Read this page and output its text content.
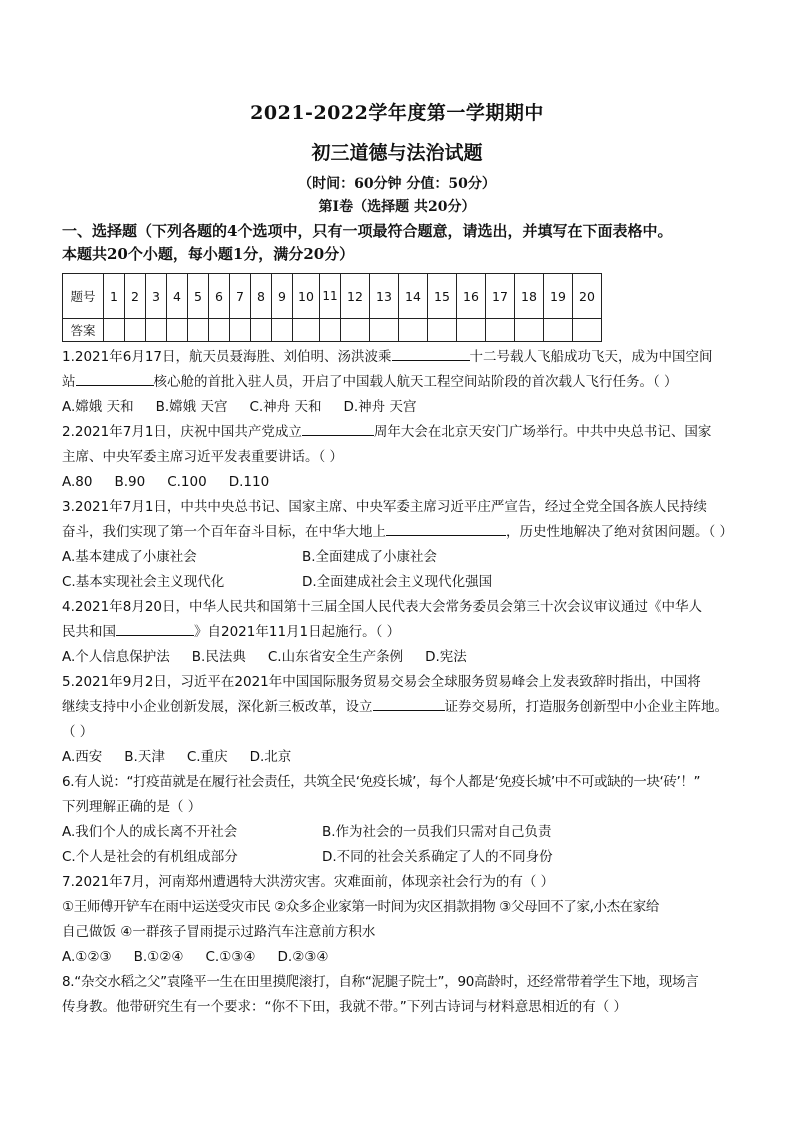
2021-2022学年度第一学期期中
初三道德与法治试题
（时间：60分钟 分值：50分）
第Ⅰ卷（选择题 共20分）
一、选择题（下列各题的4个选项中，只有一项最符合题意，请选出，并填写在下面表格中。
本题共20个小题，每小题1分，满分20分）
题号	1	2	3	4	5	6	7	8	9	10	11	12	13	14	15	16	17	18	19	20
答案																				

1.2021年6月17日，航天员聂海胜、刘伯明、汤洪波乘	十二号载人飞船成功飞天，成为中国空间

站	核心舱的首批入驻人员，开启了中国载人航天工程空间站阶段的首次载人飞行任务。（ ）

A.嫦娥 天和 B.嫦娥 天宫 C.神舟 天和 D.神舟 天宫

2.2021年7月1日，庆祝中国共产党成立	周年大会在北京天安门广场举行。中共中央总书记、国家

主席、中央军委主席习近平发表重要讲话。（ ）

A.80 B.90 C.100 D.110

3.2021年7月1日，中共中央总书记、国家主席、中央军委主席习近平庄严宣告，经过全党全国各族人民持续

奋斗，我们实现了第一个百年奋斗目标，在中华大地上	，历史性地解决了绝对贫困问题。（ ）

A.基本建成了小康社会	B.全面建成了小康社会

C.基本实现社会主义现代化	D.全面建成社会主义现代化强国

4.2021年8月20日，中华人民共和国第十三届全国人民代表大会常务委员会第三十次会议审议通过《中华人

民共和国	》自2021年11月1日起施行。（ ）

A.个人信息保护法 B.民法典 C.山东省安全生产条例 D.宪法

5.2021年9月2日，习近平在2021年中国国际服务贸易交易会全球服务贸易峰会上发表致辞时指出，中国将

继续支持中小企业创新发展，深化新三板改革，设立	证券交易所，打造服务创新型中小企业主阵地。

（ ）

A.西安 B.天津 C.重庆 D.北京

6.有人说：“打疫苗就是在履行社会责任，共筑全民‘免疫长城’，每个人都是‘免疫长城’中不可或缺的一块‘砖’！”

下列理解正确的是（ ）

A.我们个人的成长离不开社会	B.作为社会的一员我们只需对自己负责

C.个人是社会的有机组成部分	D.不同的社会关系确定了人的不同身份

7.2021年7月，河南郑州遭遇特大洪涝灾害。灾难面前，体现亲社会行为的有（ ）

①王师傅开铲车在雨中运送受灾市民 ②众多企业家第一时间为灾区捐款捐物 ③父母回不了家,小杰在家给

自己做饭 ④一群孩子冒雨提示过路汽车注意前方积水

A.①②③ B.①②④ C.①③④ D.②③④

8.“杂交水稻之父”袁隆平一生在田里摸爬滚打，自称“泥腿子院士”，90高龄时，还经常带着学生下地，现场言

传身教。他带研究生有一个要求：“你不下田，我就不带。”下列古诗词与材料意思相近的有（ ）
